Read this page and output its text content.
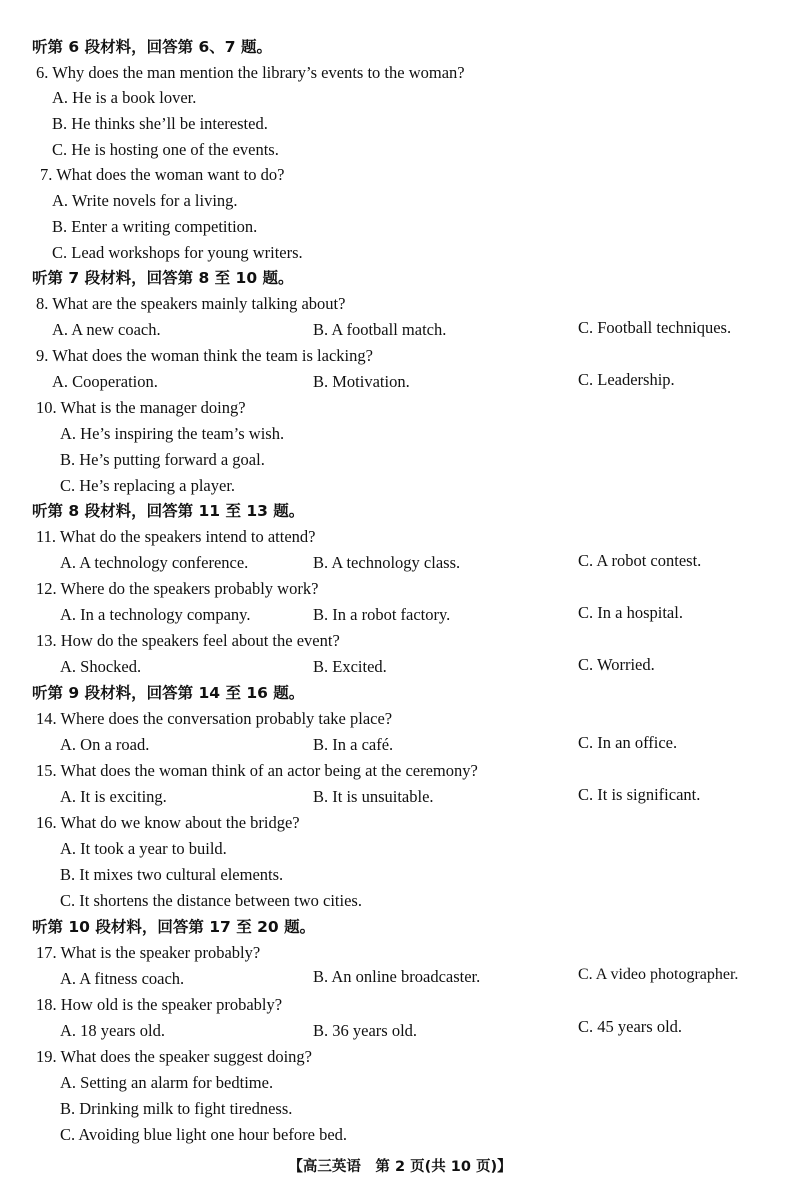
听第 6 段材料，回答第 6、7 题。
6. Why does the man mention the library’s events to the woman?
A. He is a book lover.
B. He thinks she’ll be interested.
C. He is hosting one of the events.
7. What does the woman want to do?
A. Write novels for a living.
B. Enter a writing competition.
C. Lead workshops for young writers.
听第 7 段材料，回答第 8 至 10 题。
8. What are the speakers mainly talking about?
A. A new coach.	B. A football match.	C. Football techniques.
9. What does the woman think the team is lacking?
A. Cooperation.	B. Motivation.	C. Leadership.
10. What is the manager doing?
A. He’s inspiring the team’s wish.
B. He’s putting forward a goal.
C. He’s replacing a player.
听第 8 段材料，回答第 11 至 13 题。
11. What do the speakers intend to attend?
A. A technology conference.	B. A technology class.	C. A robot contest.
12. Where do the speakers probably work?
A. In a technology company.	B. In a robot factory.	C. In a hospital.
13. How do the speakers feel about the event?
A. Shocked.	B. Excited.	C. Worried.
听第 9 段材料，回答第 14 至 16 题。
14. Where does the conversation probably take place?
A. On a road.	B. In a café.	C. In an office.
15. What does the woman think of an actor being at the ceremony?
A. It is exciting.	B. It is unsuitable.	C. It is significant.
16. What do we know about the bridge?
A. It took a year to build.
B. It mixes two cultural elements.
C. It shortens the distance between two cities.
听第 10 段材料，回答第 17 至 20 题。
17. What is the speaker probably?
A. A fitness coach.	B. An online broadcaster.	C. A video photographer.
18. How old is the speaker probably?
A. 18 years old.	B. 36 years old.	C. 45 years old.
19. What does the speaker suggest doing?
A. Setting an alarm for bedtime.
B. Drinking milk to fight tiredness.
C. Avoiding blue light one hour before bed.
【高三英语　第 2 页(共 10 页)】
